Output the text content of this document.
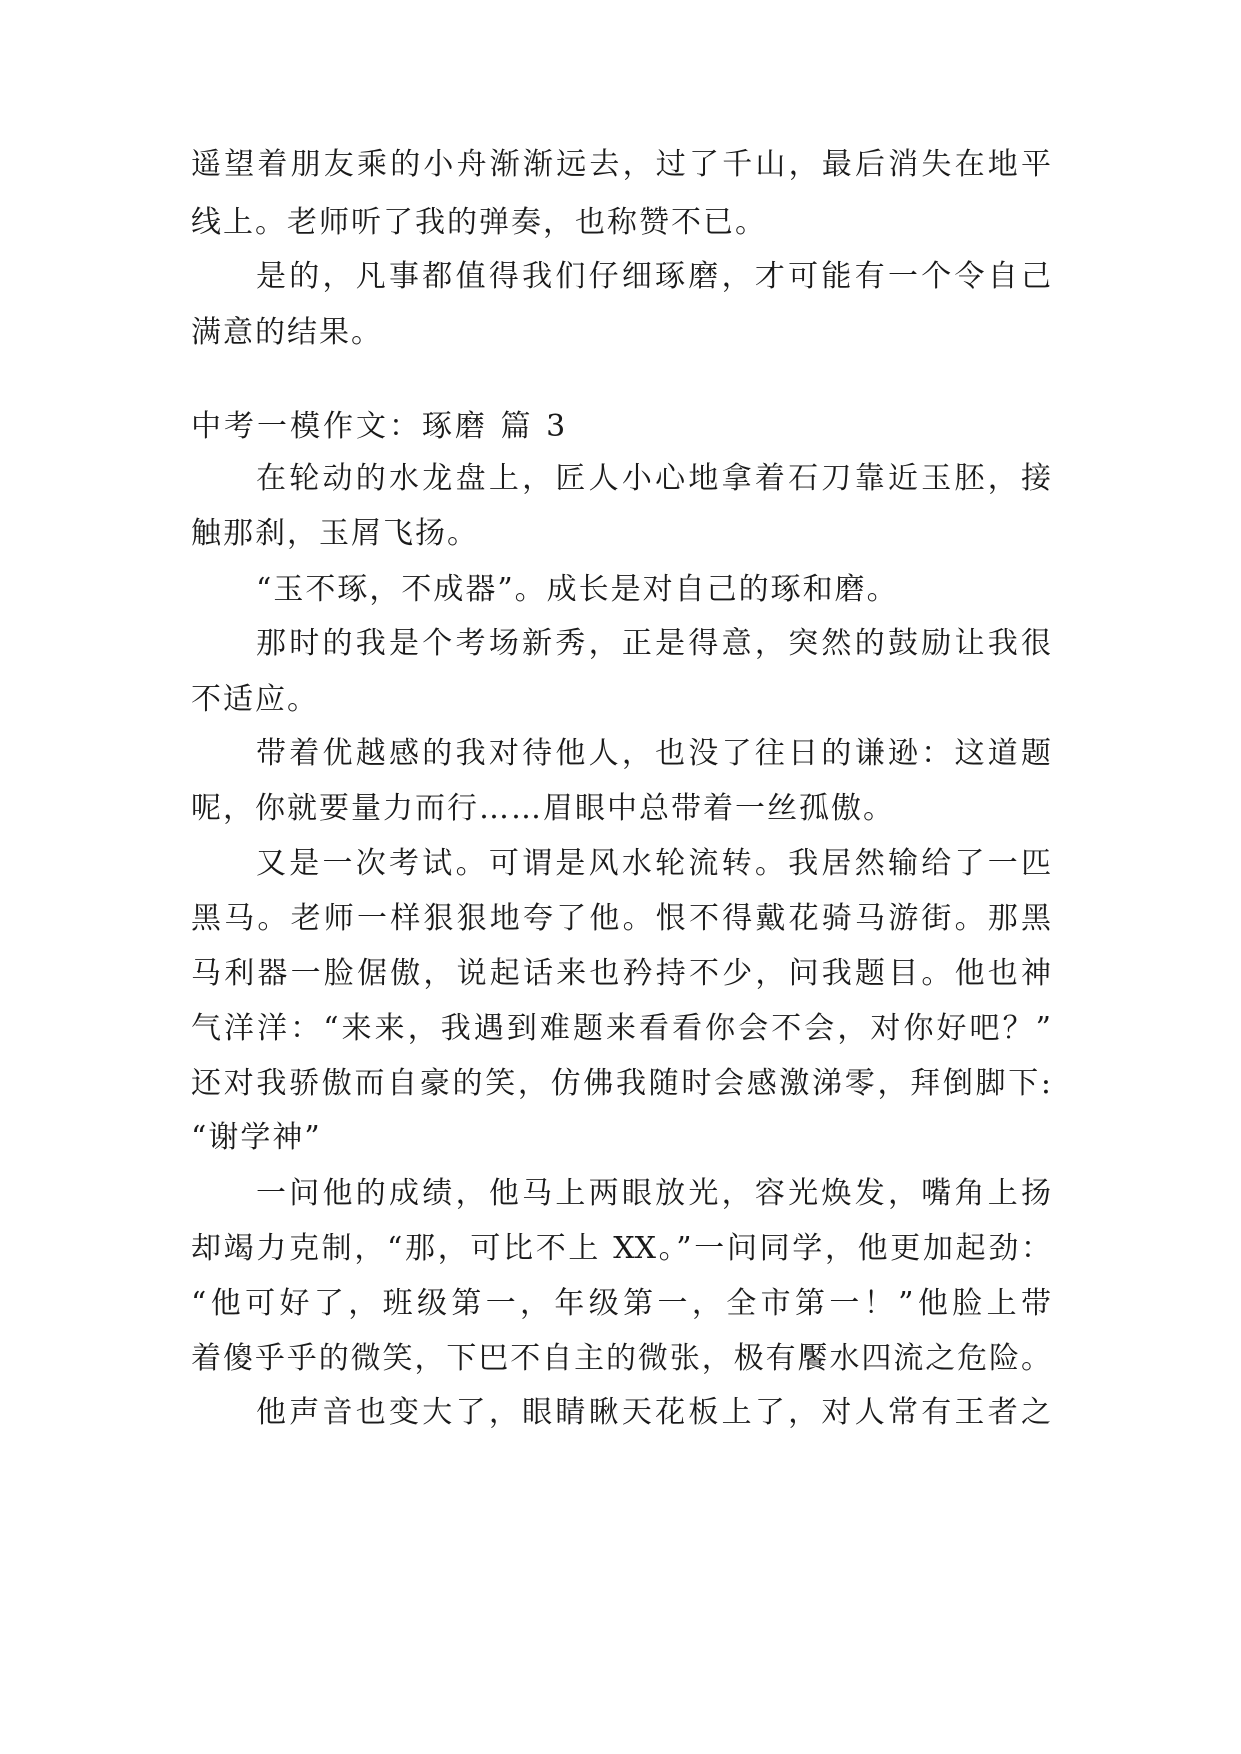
遥望着朋友乘的小舟渐渐远去，过了千山，最后消失在地平
线上。老师听了我的弹奏，也称赞不已。
是的，凡事都值得我们仔细琢磨，才可能有一个令自己
满意的结果。
中考一模作文：琢磨 篇 3
在轮动的水龙盘上，匠人小心地拿着石刀靠近玉胚，接
触那刹，玉屑飞扬。
“玉不琢，不成器”。成长是对自己的琢和磨。
那时的我是个考场新秀，正是得意，突然的鼓励让我很
不适应。
带着优越感的我对待他人，也没了往日的谦逊：这道题
呢，你就要量力而行……眉眼中总带着一丝孤傲。
又是一次考试。可谓是风水轮流转。我居然输给了一匹
黑马。老师一样狠狠地夸了他。恨不得戴花骑马游街。那黑
马利器一脸倨傲，说起话来也矜持不少，问我题目。他也神
气洋洋：“来来，我遇到难题来看看你会不会，对你好吧？”
还对我骄傲而自豪的笑，仿佛我随时会感激涕零，拜倒脚下:
“谢学神”
一问他的成绩，他马上两眼放光，容光焕发，嘴角上扬
却竭力克制，“那，可比不上 XX。”一问同学，他更加起劲：
“他可好了，班级第一，年级第一，全市第一！”他脸上带
着傻乎乎的微笑，下巴不自主的微张，极有饜水四流之危险。
他声音也变大了，眼睛瞅天花板上了，对人常有王者之
